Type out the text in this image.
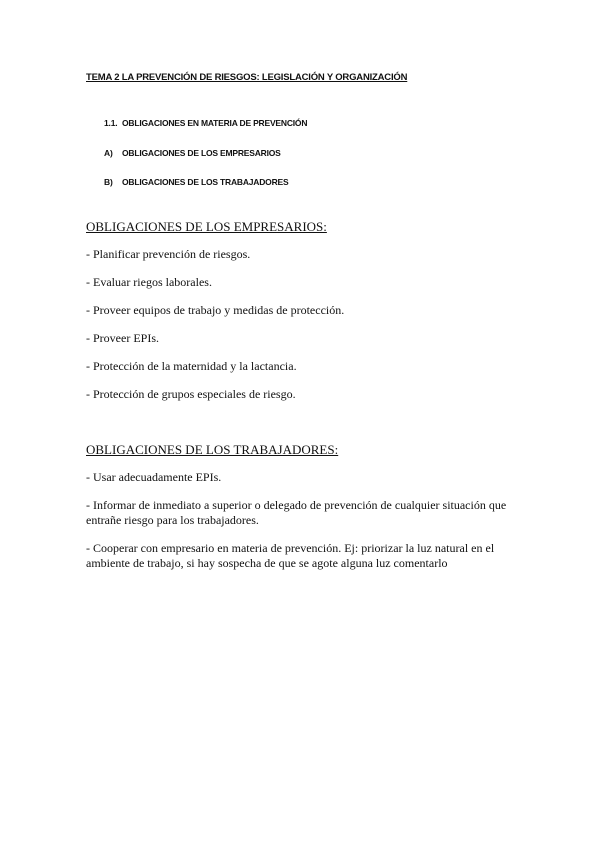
TEMA 2 LA PREVENCIÓN DE RIESGOS: LEGISLACIÓN Y ORGANIZACIÓN
1.1. OBLIGACIONES EN MATERIA DE PREVENCIÓN
A) OBLIGACIONES DE LOS EMPRESARIOS
B) OBLIGACIONES DE LOS TRABAJADORES
OBLIGACIONES DE LOS EMPRESARIOS:
- Planificar prevención de riesgos.
- Evaluar riegos laborales.
- Proveer equipos de trabajo y medidas de protección.
- Proveer EPIs.
- Protección de la maternidad y la lactancia.
- Protección de grupos especiales de riesgo.
OBLIGACIONES DE LOS TRABAJADORES:
- Usar adecuadamente EPIs.
- Informar de inmediato a superior o delegado de prevención de cualquier situación que entrañe riesgo para los trabajadores.
- Cooperar con empresario en materia de prevención. Ej: priorizar la luz natural en el ambiente de trabajo, si hay sospecha de que se agote alguna luz comentarlo
